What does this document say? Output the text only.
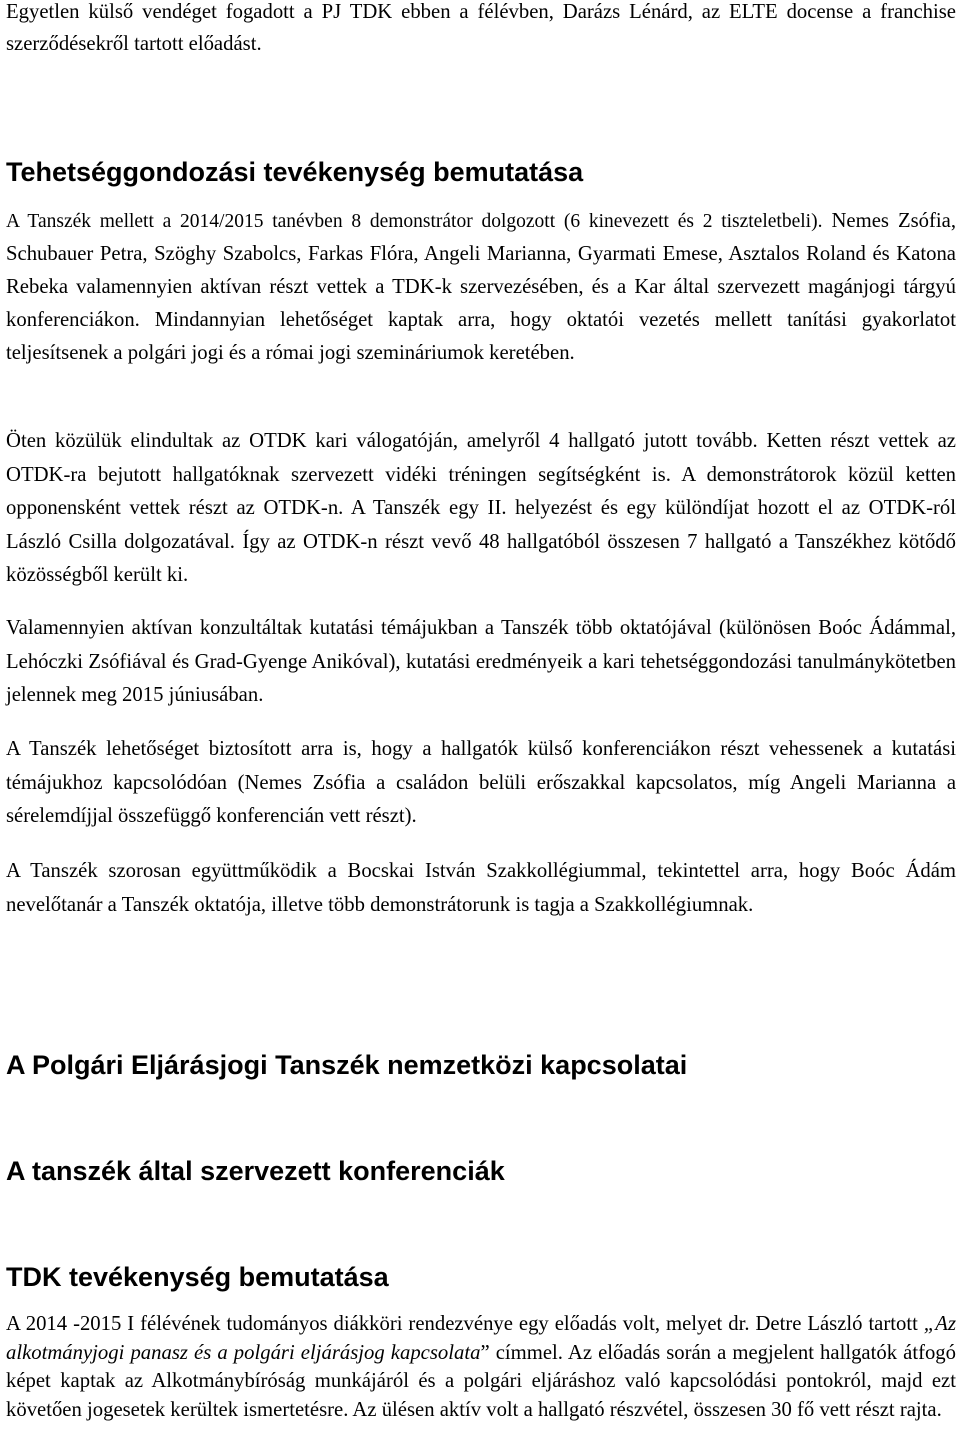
Egyetlen külső vendéget fogadott a PJ TDK ebben a félévben, Darázs Lénárd, az ELTE docense a franchise szerződésekről tartott előadást.

Tehetséggondozási tevékenység bemutatása

A Tanszék mellett a 2014/2015 tanévben 8 demonstrátor dolgozott (6 kinevezett és 2 tiszteletbeli). Nemes Zsófia, Schubauer Petra, Szöghy Szabolcs, Farkas Flóra, Angeli Marianna, Gyarmati Emese, Asztalos Roland és Katona Rebeka valamennyien aktívan részt vettek a TDK-k szervezésében, és a Kar által szervezett magánjogi tárgyú konferenciákon. Mindannyian lehetőséget kaptak arra, hogy oktatói vezetés mellett tanítási gyakorlatot teljesítsenek a polgári jogi és a római jogi szemináriumok keretében.

Öten közülük elindultak az OTDK kari válogatóján, amelyről 4 hallgató jutott tovább. Ketten részt vettek az OTDK-ra bejutott hallgatóknak szervezett vidéki tréningen segítségként is. A demonstrátorok közül ketten opponensként vettek részt az OTDK-n. A Tanszék egy II. helyezést és egy különdíjat hozott el az OTDK-ról László Csilla dolgozatával. Így az OTDK-n részt vevő 48 hallgatóból összesen 7 hallgató a Tanszékhez kötődő közösségből került ki.

Valamennyien aktívan konzultáltak kutatási témájukban a Tanszék több oktatójával (különösen Boóc Ádámmal, Lehóczki Zsófiával és Grad-Gyenge Anikóval), kutatási eredményeik a kari tehetséggondozási tanulmánykötetben jelennek meg 2015 júniusában.

A Tanszék lehetőséget biztosított arra is, hogy a hallgatók külső konferenciákon részt vehessenek a kutatási témájukhoz kapcsolódóan (Nemes Zsófia a családon belüli erőszakkal kapcsolatos, míg Angeli Marianna a sérelemdíjjal összefüggő konferencián vett részt).

A Tanszék szorosan együttműködik a Bocskai István Szakkollégiummal, tekintettel arra, hogy Boóc Ádám nevelőtanár a Tanszék oktatója, illetve több demonstrátorunk is tagja a Szakkollégiumnak.

A Polgári Eljárásjogi Tanszék nemzetközi kapcsolatai
A tanszék által szervezett konferenciák
TDK tevékenység bemutatása

A 2014 -2015 I félévének tudományos diákköri rendezvénye egy előadás volt, melyet dr. Detre László tartott „Az alkotmányjogi panasz és a polgári eljárásjog kapcsolata” címmel. Az előadás során a megjelent hallgatók átfogó képet kaptak az Alkotmánybíróság munkájáról és a polgári eljáráshoz való kapcsolódási pontokról, majd ezt követően jogesetek kerültek ismertetésre. Az ülésen aktív volt a hallgató részvétel, összesen 30 fő vett részt rajta.
